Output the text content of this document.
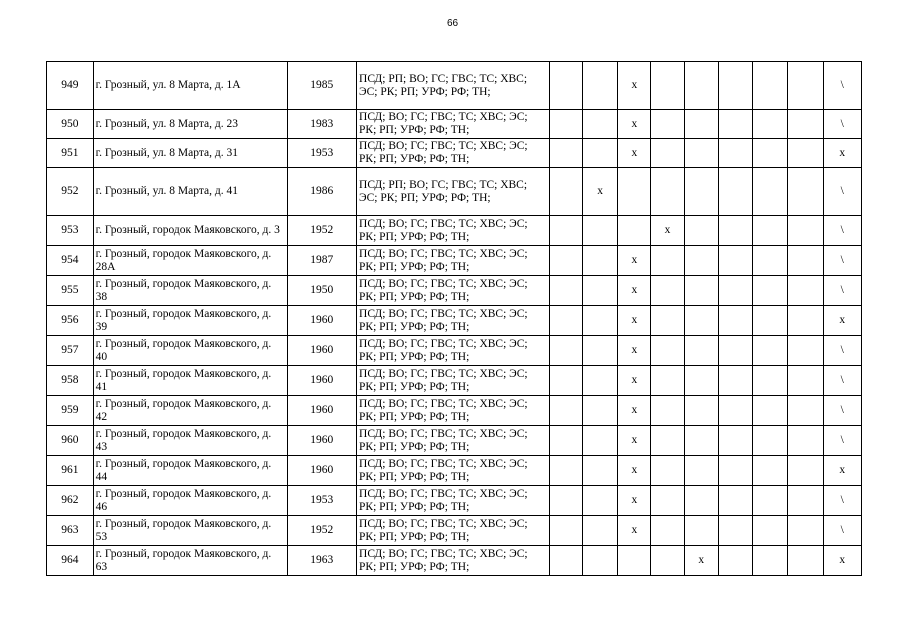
66
949	г. Грозный, ул. 8 Марта, д. 1А	1985	ПСД; РП; ВО; ГС; ГВС; ТС; ХВС; ЭС; РК; РП; УРФ; РФ; ТН;			x						\
950	г. Грозный, ул. 8 Марта, д. 23	1983	ПСД; ВО; ГС; ГВС; ТС; ХВС; ЭС; РК; РП; УРФ; РФ; ТН;			x						\
951	г. Грозный, ул. 8 Марта, д. 31	1953	ПСД; ВО; ГС; ГВС; ТС; ХВС; ЭС; РК; РП; УРФ; РФ; ТН;			x						x
952	г. Грозный, ул. 8 Марта, д. 41	1986	ПСД; РП; ВО; ГС; ГВС; ТС; ХВС; ЭС; РК; РП; УРФ; РФ; ТН;		x							\
953	г. Грозный, городок Маяковского, д. 3	1952	ПСД; ВО; ГС; ГВС; ТС; ХВС; ЭС; РК; РП; УРФ; РФ; ТН;				x					\
954	г. Грозный, городок Маяковского, д. 28А	1987	ПСД; ВО; ГС; ГВС; ТС; ХВС; ЭС; РК; РП; УРФ; РФ; ТН;			x						\
955	г. Грозный, городок Маяковского, д. 38	1950	ПСД; ВО; ГС; ГВС; ТС; ХВС; ЭС; РК; РП; УРФ; РФ; ТН;			x						\
956	г. Грозный, городок Маяковского, д. 39	1960	ПСД; ВО; ГС; ГВС; ТС; ХВС; ЭС; РК; РП; УРФ; РФ; ТН;			x						x
957	г. Грозный, городок Маяковского, д. 40	1960	ПСД; ВО; ГС; ГВС; ТС; ХВС; ЭС; РК; РП; УРФ; РФ; ТН;			x						\
958	г. Грозный, городок Маяковского, д. 41	1960	ПСД; ВО; ГС; ГВС; ТС; ХВС; ЭС; РК; РП; УРФ; РФ; ТН;			x						\
959	г. Грозный, городок Маяковского, д. 42	1960	ПСД; ВО; ГС; ГВС; ТС; ХВС; ЭС; РК; РП; УРФ; РФ; ТН;			x						\
960	г. Грозный, городок Маяковского, д. 43	1960	ПСД; ВО; ГС; ГВС; ТС; ХВС; ЭС; РК; РП; УРФ; РФ; ТН;			x						\
961	г. Грозный, городок Маяковского, д. 44	1960	ПСД; ВО; ГС; ГВС; ТС; ХВС; ЭС; РК; РП; УРФ; РФ; ТН;			x						x
962	г. Грозный, городок Маяковского, д. 46	1953	ПСД; ВО; ГС; ГВС; ТС; ХВС; ЭС; РК; РП; УРФ; РФ; ТН;			x						\
963	г. Грозный, городок Маяковского, д. 53	1952	ПСД; ВО; ГС; ГВС; ТС; ХВС; ЭС; РК; РП; УРФ; РФ; ТН;			x						\
964	г. Грозный, городок Маяковского, д. 63	1963	ПСД; ВО; ГС; ГВС; ТС; ХВС; ЭС; РК; РП; УРФ; РФ; ТН;					x				x
